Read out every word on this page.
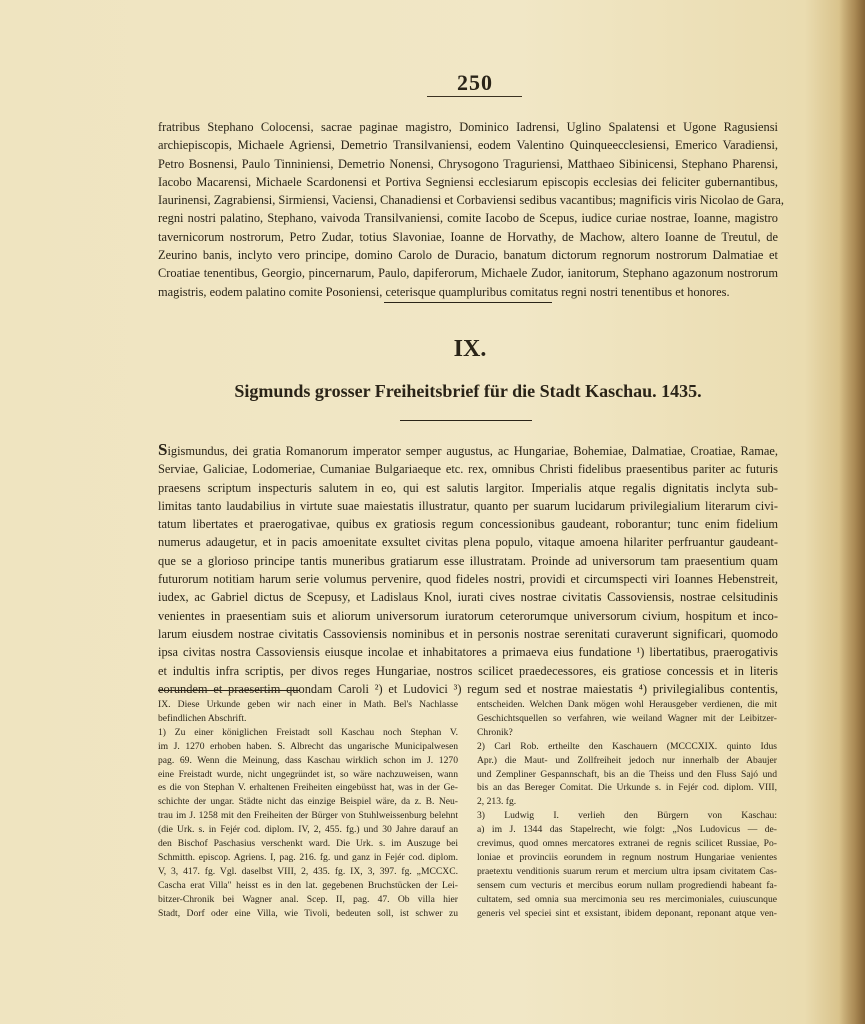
250
fratribus Stephano Colocensi, sacrae paginae magistro, Dominico Iadrensi, Uglino Spalatensi et Ugone Ragusiensi
archiepiscopis, Michaele Agriensi, Demetrio Transilvaniensi, eodem Valentino Quinqueecclesiensi, Emerico Varadiensi,
Petro Bosnensi, Paulo Tinniniensi, Demetrio Nonensi, Chrysogono Traguriensi, Matthaeo Sibinicensi, Stephano Pharensi,
Iacobo Macarensi, Michaele Scardonensi et Portiva Segniensi ecclesiarum episcopis ecclesias dei feliciter gubernantibus,
Iaurinensi, Zagrabiensi, Sirmiensi, Vaciensi, Chanadiensi et Corbaviensi sedibus vacantibus; magnificis viris Nicolao de Gara,
regni nostri palatino, Stephano, vaivoda Transilvaniensi, comite Iacobo de Scepus, iudice curiae nostrae, Ioanne, magistro
tavernicorum nostrorum, Petro Zudar, totius Slavoniae, Ioanne de Horvathy, de Machow, altero Ioanne de Treutul, de
Zeurino banis, inclyto vero principe, domino Carolo de Duracio, banatum dictorum regnorum nostrorum Dalmatiae et
Croatiae tenentibus, Georgio, pincernarum, Paulo, dapiferorum, Michaele Zudor, ianitorum, Stephano agazonum nostrorum
magistris, eodem palatino comite Posoniensi, ceterisque quampluribus comitatus regni nostri tenentibus et honores.
IX.
Sigmunds grosser Freiheitsbrief für die Stadt Kaschau. 1435.
Sigismundus, dei gratia Romanorum imperator semper augustus, ac Hungariae, Bohemiae, Dalmatiae, Croatiae, Ramae,
Serviae, Galiciae, Lodomeriae, Cumaniae Bulgariaeque etc. rex, omnibus Christi fidelibus praesentibus pariter ac futuris
praesens scriptum inspecturis salutem in eo, qui est salutis largitor. Imperialis atque regalis dignitatis inclyta sub-
limitas tanto laudabilius in virtute suae maiestatis illustratur, quanto per suarum lucidarum privilegialium literarum civi-
tatum libertates et praerogativae, quibus ex gratiosis regum concessionibus gaudeant, roborantur; tunc enim fidelium
numerus adaugetur, et in pacis amoenitate exsultet civitas plena populo, vitaque amoena hilariter perfruantur gaudeant-
que se a glorioso principe tantis muneribus gratiarum esse illustratam. Proinde ad universorum tam praesentium quam
futurorum notitiam harum serie volumus pervenire, quod fideles nostri, providi et circumspecti viri Ioannes Hebenstreit,
iudex, ac Gabriel dictus de Scepusy, et Ladislaus Knol, iurati cives nostrae civitatis Cassoviensis, nostrae celsitudinis
venientes in praesentiam suis et aliorum universorum iuratorum ceterorumque universorum civium, hospitum et inco-
larum eiusdem nostrae civitatis Cassoviensis nominibus et in personis nostrae serenitati curaverunt significari, quomodo
ipsa civitas nostra Cassoviensis eiusque incolae et inhabitatores a primaeva eius fundatione ¹) libertatibus, praerogativis
et indultis infra scriptis, per divos reges Hungariae, nostros scilicet praedecessores, eis gratiose concessis et in literis
eorundem et praesertim quondam Caroli ²) et Ludovici ³) regum sed et nostrae maiestatis ⁴) privilegialibus contentis,
IX. Diese Urkunde geben wir nach einer in Math. Bel's Nachlasse
befindlichen Abschrift.
1) Zu einer königlichen Freistadt soll Kaschau noch Stephan V.
im J. 1270 erhoben haben. S. Albrecht das ungarische Municipalwesen
pag. 69. Wenn die Meinung, dass Kaschau wirklich schon im J. 1270
eine Freistadt wurde, nicht ungegründet ist, so wäre nachzuweisen, wann
es die von Stephan V. erhaltenen Freiheiten eingebüsst hat, was in der Ge-
schichte der ungar. Städte nicht das einzige Beispiel wäre, da z. B. Neu-
trau im J. 1258 mit den Freiheiten der Bürger von Stuhlweissenburg belehnt
(die Urk. s. in Fejér cod. diplom. IV, 2, 455. fg.) und 30 Jahre darauf an
den Bischof Paschasius verschenkt ward. Die Urk. s. im Auszuge bei
Schmitth. episcop. Agriens. I, pag. 216. fg. und ganz in Fejér cod. diplom.
V, 3, 417. fg. Vgl. daselbst VIII, 2, 435. fg. IX, 3, 397. fg. „MCCXC.
Cascha erat Villa" heisst es in den lat. gegebenen Bruchstücken der Lei-
bitzer-Chronik bei Wagner anal. Scep. II, pag. 47. Ob villa hier
Stadt, Dorf oder eine Villa, wie Tivoli, bedeuten soll, ist schwer zu
entscheiden. Welchen Dank mögen wohl Herausgeber verdienen, die mit
Geschichtsquellen so verfahren, wie weiland Wagner mit der Leibitzer-
Chronik?
2) Carl Rob. ertheilte den Kaschauern (MCCCXIX. quinto Idus
Apr.) die Maut- und Zollfreiheit jedoch nur innerhalb der Abaujer
und Zempliner Gespannschaft, bis an die Theiss und den Fluss Sajó und
bis an das Bereger Comitat. Die Urkunde s. in Fejér cod. diplom. VIII,
2, 213. fg.
3) Ludwig I. verlieh den Bürgern von Kaschau:
a) im J. 1344 das Stapelrecht, wie folgt: „Nos Ludovicus — de-
crevimus, quod omnes mercatores extranei de regnis scilicet Russiae, Po-
loniae et provinciis eorundem in regnum nostrum Hungariae venientes
praetextu venditionis suarum rerum et mercium ultra ipsam civitatem Cas-
sensem cum vecturis et mercibus eorum nullam progrediendi habeant fa-
cultatem, sed omnia sua mercimonia seu res mercimoniales, cuiuscunque
generis vel speciei sint et exsistant, ibidem deponant, reponant atque ven-
